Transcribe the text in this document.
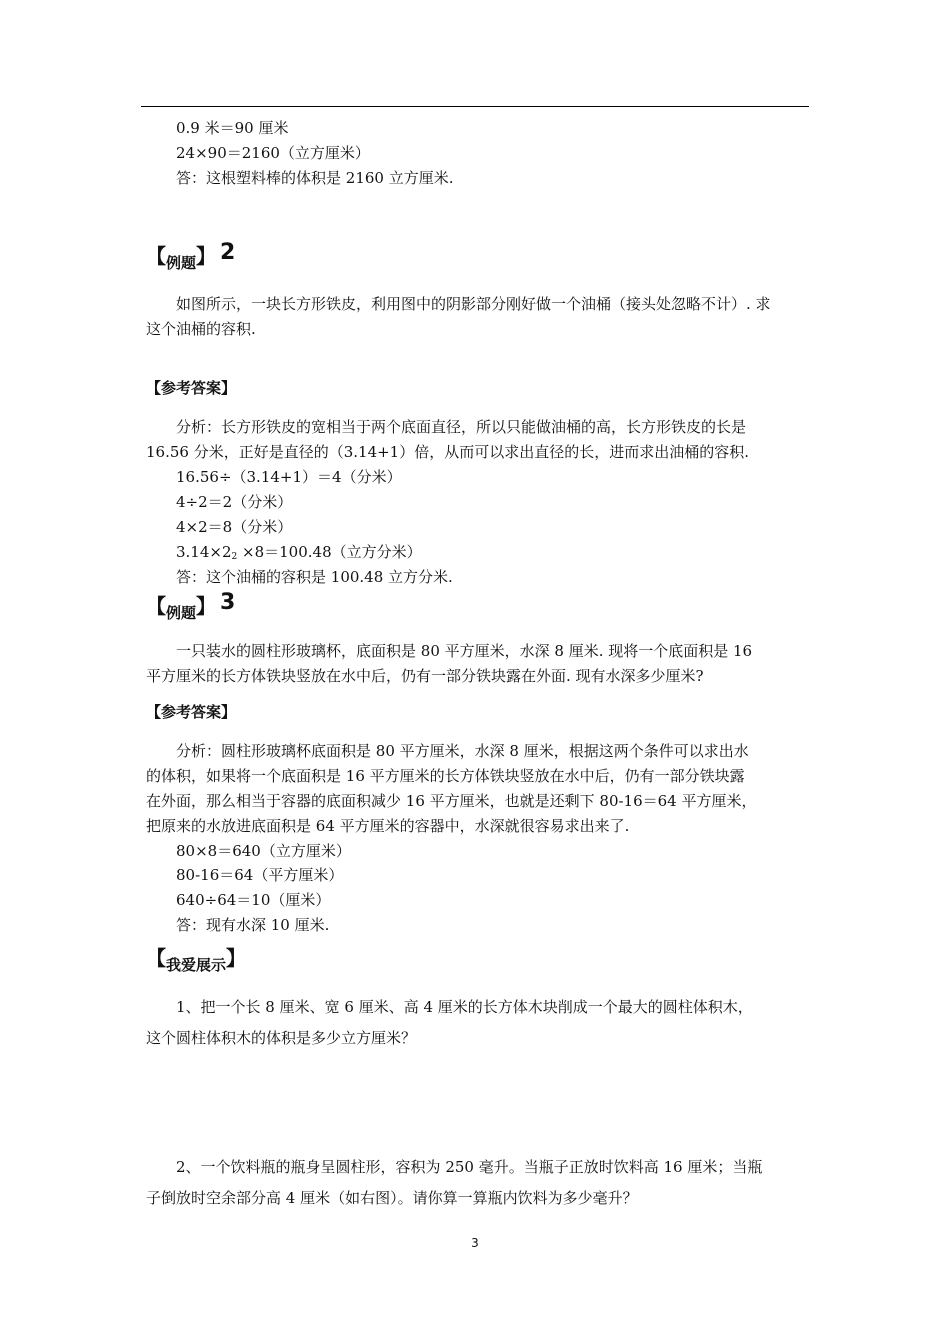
0.9 米＝90 厘米
24×90＝2160（立方厘米）
答：这根塑料棒的体积是 2160 立方厘米.
【例题】 2
如图所示，一块长方形铁皮，利用图中的阴影部分刚好做一个油桶（接头处忽略不计）. 求
这个油桶的容积.
【参考答案】
分析：长方形铁皮的宽相当于两个底面直径，所以只能做油桶的高，长方形铁皮的长是
16.56 分米，正好是直径的（3.14+1）倍，从而可以求出直径的长，进而求出油桶的容积.
16.56÷（3.14+1）＝4（分米）
4÷2＝2（分米）
4×2＝8（分米）
$3.14\times 2_2 \times 8=100.48$（立方分米）
答：这个油桶的容积是 100.48 立方分米.
【例题】 3
一只装水的圆柱形玻璃杯，底面积是 80 平方厘米，水深 8 厘米. 现将一个底面积是 16
平方厘米的长方体铁块竖放在水中后，仍有一部分铁块露在外面. 现有水深多少厘米?
【参考答案】
分析：圆柱形玻璃杯底面积是 80 平方厘米，水深 8 厘米，根据这两个条件可以求出水
的体积，如果将一个底面积是 16 平方厘米的长方体铁块竖放在水中后，仍有一部分铁块露
在外面，那么相当于容器的底面积减少 16 平方厘米，也就是还剩下 80-16＝64 平方厘米，
把原来的水放进底面积是 64 平方厘米的容器中，水深就很容易求出来了.
80×8＝640（立方厘米）
80-16＝64（平方厘米）
640÷64＝10（厘米）
答：现有水深 10 厘米.
【我爱展示】
1、把一个长 8 厘米、宽 6 厘米、高 4 厘米的长方体木块削成一个最大的圆柱体积木，
这个圆柱体积木的体积是多少立方厘米？
2、一个饮料瓶的瓶身呈圆柱形，容积为 250 毫升。当瓶子正放时饮料高 16 厘米；当瓶
子倒放时空余部分高 4 厘米（如右图）。请你算一算瓶内饮料为多少毫升？
3
